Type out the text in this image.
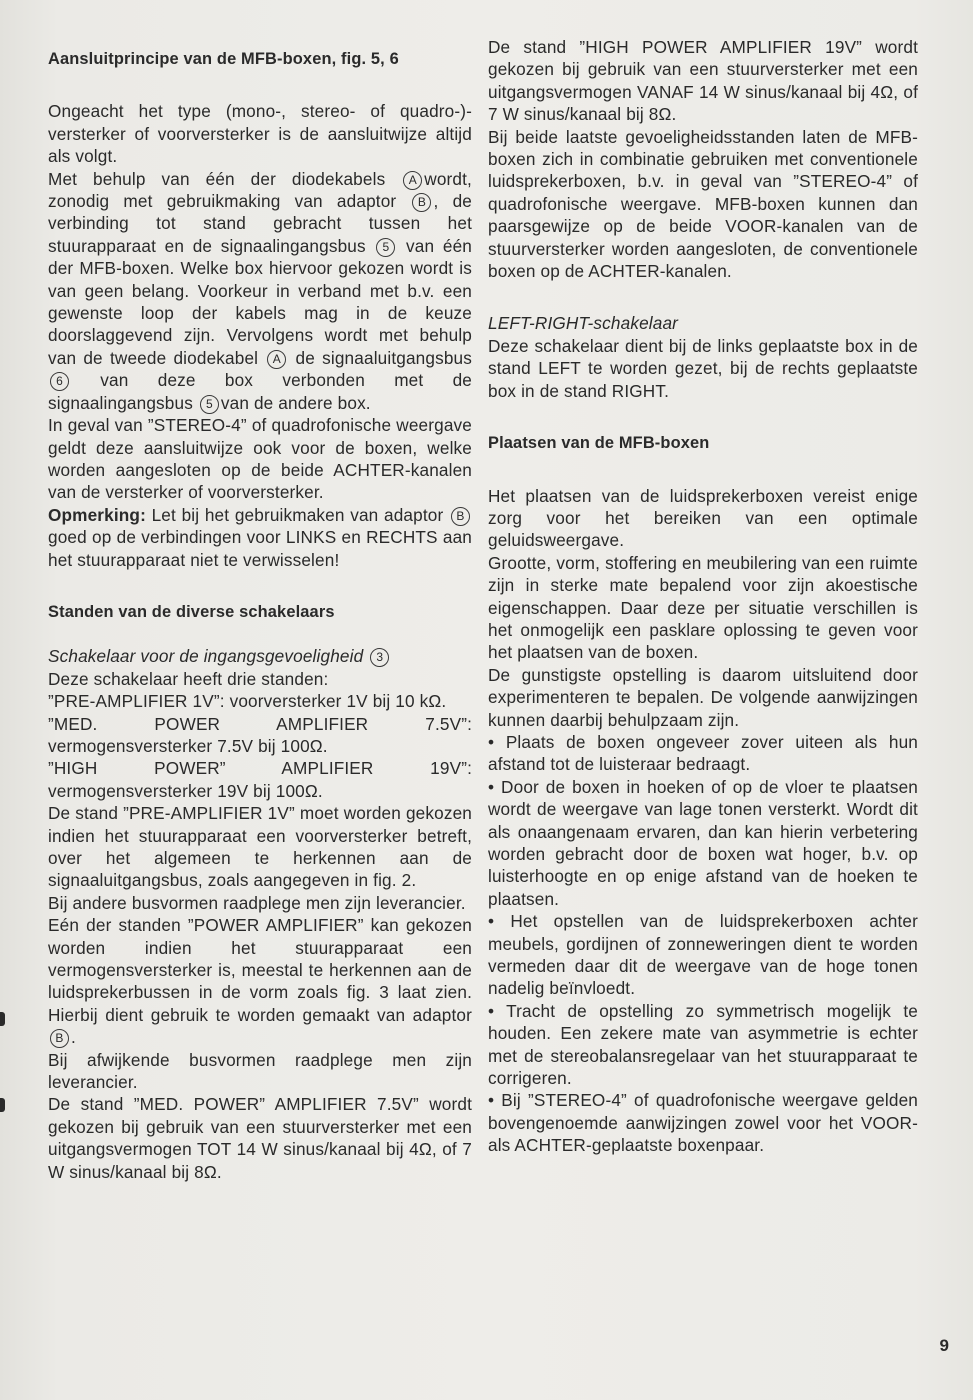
Aansluitprincipe van de MFB-boxen, fig. 5, 6

Ongeacht het type (mono-, stereo- of quadro-)-versterker of voorversterker is de aansluitwijze altijd als volgt.

Met behulp van één der diodekabels A wordt, zonodig met gebruikmaking van adaptor B , de verbinding tot stand gebracht tussen het stuurapparaat en de signaalingangsbus 5 van één der MFB-boxen. Welke box hiervoor gekozen wordt is van geen belang. Voorkeur in verband met b.v. een gewenste loop der kabels mag in de keuze doorslaggevend zijn. Vervolgens wordt met behulp van de tweede diodekabel A de signaaluitgangsbus 6 van deze box verbonden met de signaalingangsbus 5 van de andere box.

In geval van ”STEREO-4” of quadrofonische weergave geldt deze aansluitwijze ook voor de boxen, welke worden aangesloten op de beide ACHTER-kanalen van de versterker of voorversterker.

Opmerking: Let bij het gebruikmaken van adaptor B goed op de verbindingen voor LINKS en RECHTS aan het stuurapparaat niet te verwisselen!

Standen van de diverse schakelaars

Schakelaar voor de ingangsgevoeligheid 3

Deze schakelaar heeft drie standen:

”PRE-AMPLIFIER 1V”: voorversterker 1V bij 10 kΩ.

”MED. POWER AMPLIFIER 7.5V”: vermogensversterker 7.5V bij 100Ω.

”HIGH POWER” AMPLIFIER 19V”: vermogensversterker 19V bij 100Ω.

De stand ”PRE-AMPLIFIER 1V” moet worden gekozen indien het stuurapparaat een voorversterker betreft, over het algemeen te herkennen aan de signaaluitgangsbus, zoals aangegeven in fig. 2.

Bij andere busvormen raadplege men zijn leverancier.

Eén der standen ”POWER AMPLIFIER” kan gekozen worden indien het stuurapparaat een vermogensversterker is, meestal te herkennen aan de luidsprekerbussen in de vorm zoals fig. 3 laat zien. Hierbij dient gebruik te worden gemaakt van adaptorB .

Bij afwijkende busvormen raadplege men zijn leverancier.

De stand ”MED. POWER” AMPLIFIER 7.5V” wordt gekozen bij gebruik van een stuurversterker met een uitgangsvermogen TOT 14 W sinus/kanaal bij 4Ω, of 7 W sinus/kanaal bij 8Ω.

De stand ”HIGH POWER AMPLIFIER 19V” wordt gekozen bij gebruik van een stuurversterker met een uitgangsvermogen VANAF 14 W sinus/kanaal bij 4Ω, of 7 W sinus/kanaal bij 8Ω.

Bij beide laatste gevoeligheidsstanden laten de MFB-boxen zich in combinatie gebruiken met conventionele luidsprekerboxen, b.v. in geval van ”STEREO-4” of quadrofonische weergave. MFB-boxen kunnen dan paarsgewijze op de beide VOOR-kanalen van de stuurversterker worden aangesloten, de conventionele boxen op de ACHTER-kanalen.

LEFT-RIGHT-schakelaar

Deze schakelaar dient bij de links geplaatste box in de stand LEFT te worden gezet, bij de rechts geplaatste box in de stand RIGHT.

Plaatsen van de MFB-boxen

Het plaatsen van de luidsprekerboxen vereist enige zorg voor het bereiken van een optimale geluidsweergave.

Grootte, vorm, stoffering en meubilering van een ruimte zijn in sterke mate bepalend voor zijn akoestische eigenschappen. Daar deze per situatie verschillen is het onmogelijk een pasklare oplossing te geven voor het plaatsen van de boxen.

De gunstigste opstelling is daarom uitsluitend door experimenteren te bepalen. De volgende aanwijzingen kunnen daarbij behulpzaam zijn.

• Plaats de boxen ongeveer zover uiteen als hun afstand tot de luisteraar bedraagt.

• Door de boxen in hoeken of op de vloer te plaatsen wordt de weergave van lage tonen versterkt. Wordt dit als onaangenaam ervaren, dan kan hierin verbetering worden gebracht door de boxen wat hoger, b.v. op luisterhoogte en op enige afstand van de hoeken te plaatsen.

• Het opstellen van de luidsprekerboxen achter meubels, gordijnen of zonneweringen dient te worden vermeden daar dit de weergave van de hoge tonen nadelig beïnvloedt.

• Tracht de opstelling zo symmetrisch mogelijk te houden. Een zekere mate van asymmetrie is echter met de stereobalansregelaar van het stuurapparaat te corrigeren.

• Bij ”STEREO-4” of quadrofonische weergave gelden bovengenoemde aanwijzingen zowel voor het VOOR- als ACHTER-geplaatste boxenpaar.

9
